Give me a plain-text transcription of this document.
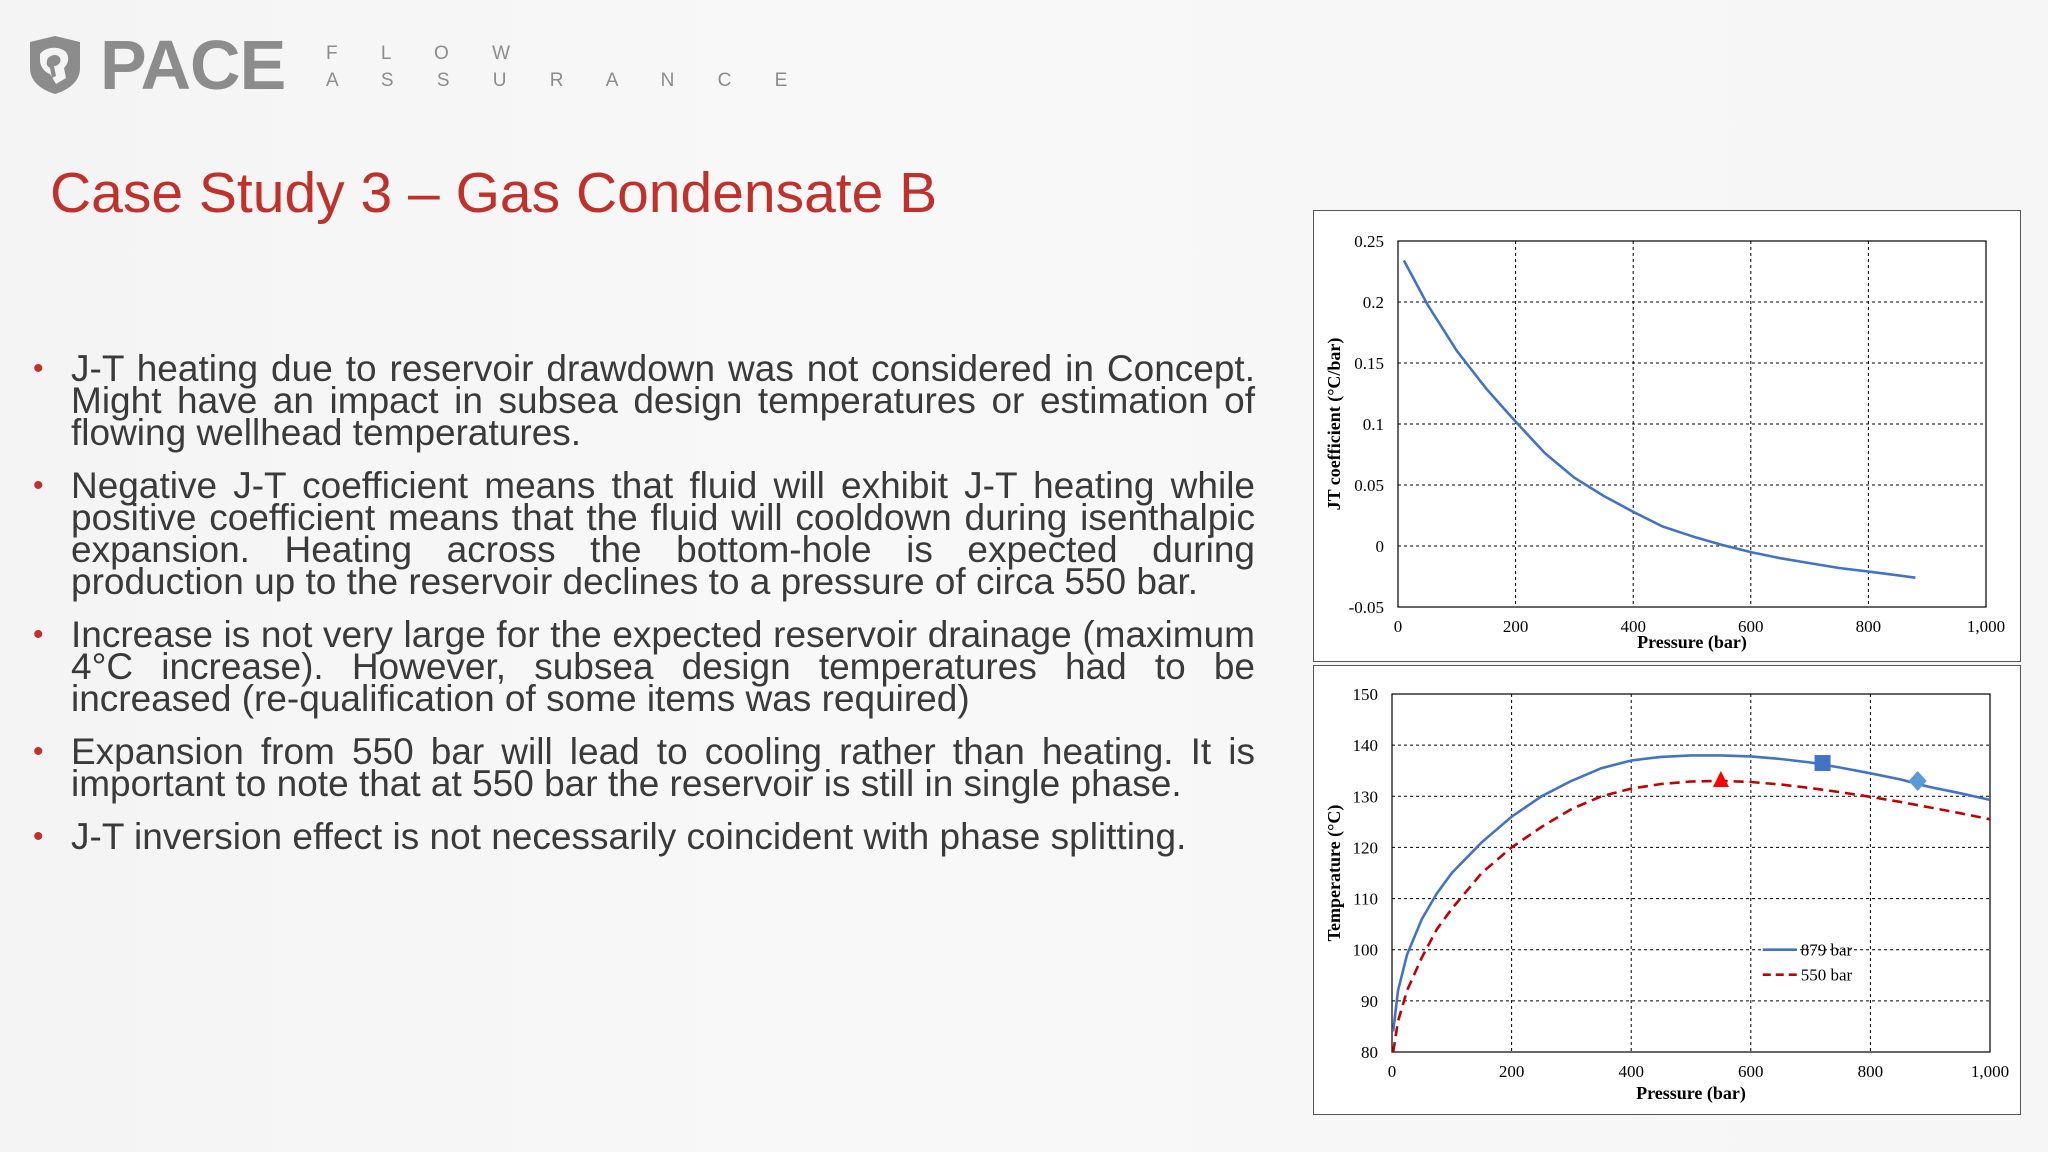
PACE F L O W
A S S U R A N C E
Case Study 3 – Gas Condensate B
• J-T heating due to reservoir drawdown was not considered in Concept. Might have an impact in subsea design temperatures or estimation of flowing wellhead temperatures.
• Negative J-T coefficient means that fluid will exhibit J-T heating while positive coefficient means that the fluid will cooldown during isenthalpic expansion. Heating across the bottom-hole is expected during production up to the reservoir declines to a pressure of circa 550 bar.
• Increase is not very large for the expected reservoir drainage (maximum 4°C increase). However, subsea design temperatures had to be increased (re-qualification of some items was required)
• Expansion from 550 bar will lead to cooling rather than heating. It is important to note that at 550 bar the reservoir is still in single phase.
• J-T inversion effect is not necessarily coincident with phase splitting.
0	200	400	600	800	1,000
-0.05
0
0.05
0.1
0.15
0.2
0.25
Pressure (bar)
JT coefficient (°C/bar)
0	200	400	600	800	1,000
80
90
100
110
120
130
140
150
Pressure (bar)
Temperature (°C)
879 bar
550 bar
